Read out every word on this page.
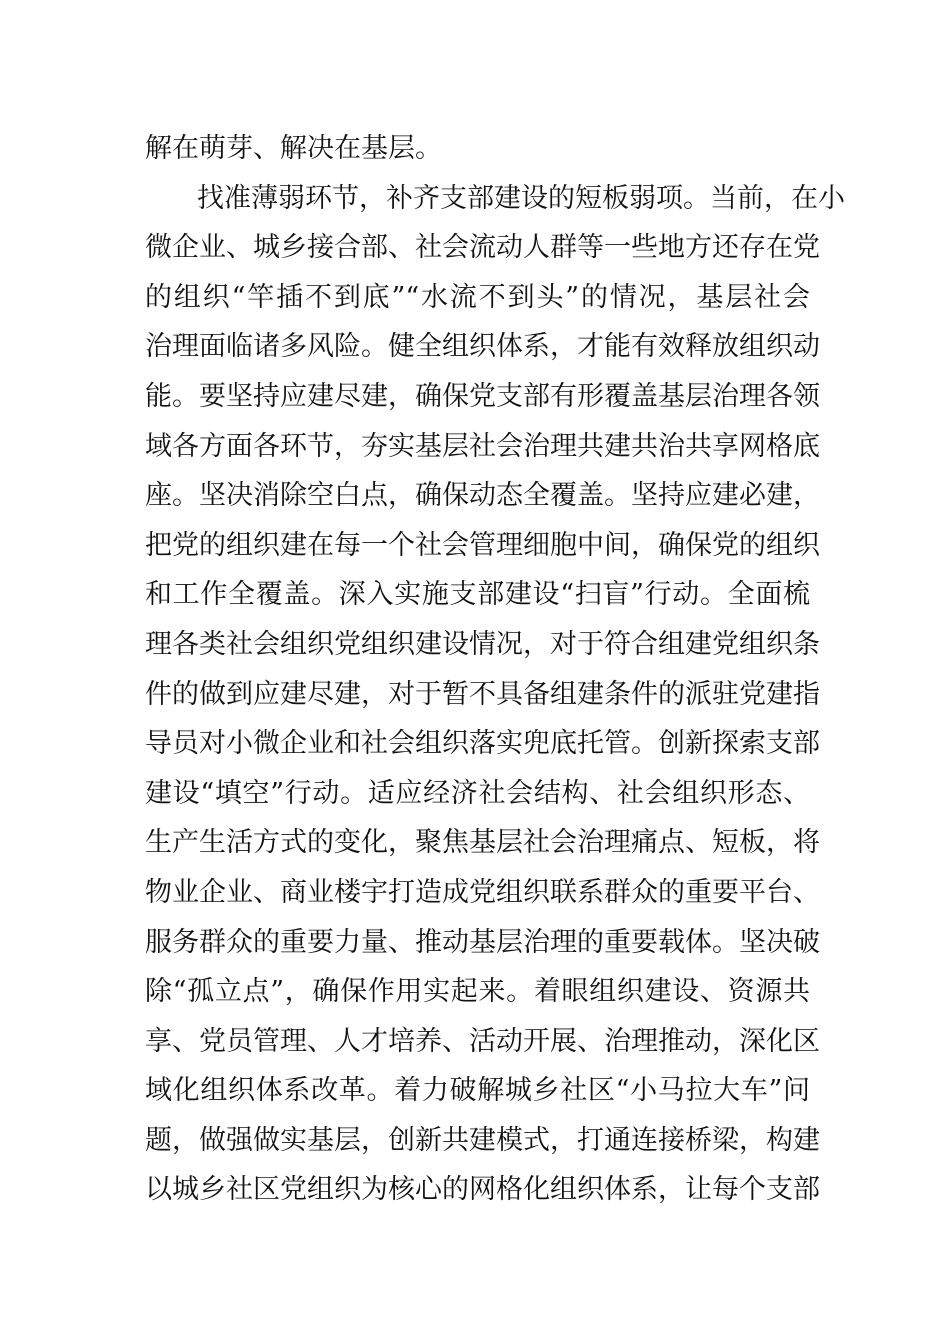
解在萌芽、解决在基层。
找准薄弱环节，补齐支部建设的短板弱项。当前，在小
微企业、城乡接合部、社会流动人群等一些地方还存在党
的组织“竿插不到底”“水流不到头”的情况，基层社会
治理面临诸多风险。健全组织体系，才能有效释放组织动
能。要坚持应建尽建，确保党支部有形覆盖基层治理各领
域各方面各环节，夯实基层社会治理共建共治共享网格底
座。坚决消除空白点，确保动态全覆盖。坚持应建必建，
把党的组织建在每一个社会管理细胞中间，确保党的组织
和工作全覆盖。深入实施支部建设“扫盲”行动。全面梳
理各类社会组织党组织建设情况，对于符合组建党组织条
件的做到应建尽建，对于暂不具备组建条件的派驻党建指
导员对小微企业和社会组织落实兜底托管。创新探索支部
建设“填空”行动。适应经济社会结构、社会组织形态、
生产生活方式的变化，聚焦基层社会治理痛点、短板，将
物业企业、商业楼宇打造成党组织联系群众的重要平台、
服务群众的重要力量、推动基层治理的重要载体。坚决破
除“孤立点”，确保作用实起来。着眼组织建设、资源共
享、党员管理、人才培养、活动开展、治理推动，深化区
域化组织体系改革。着力破解城乡社区“小马拉大车”问
题，做强做实基层，创新共建模式，打通连接桥梁，构建
以城乡社区党组织为核心的网格化组织体系，让每个支部
